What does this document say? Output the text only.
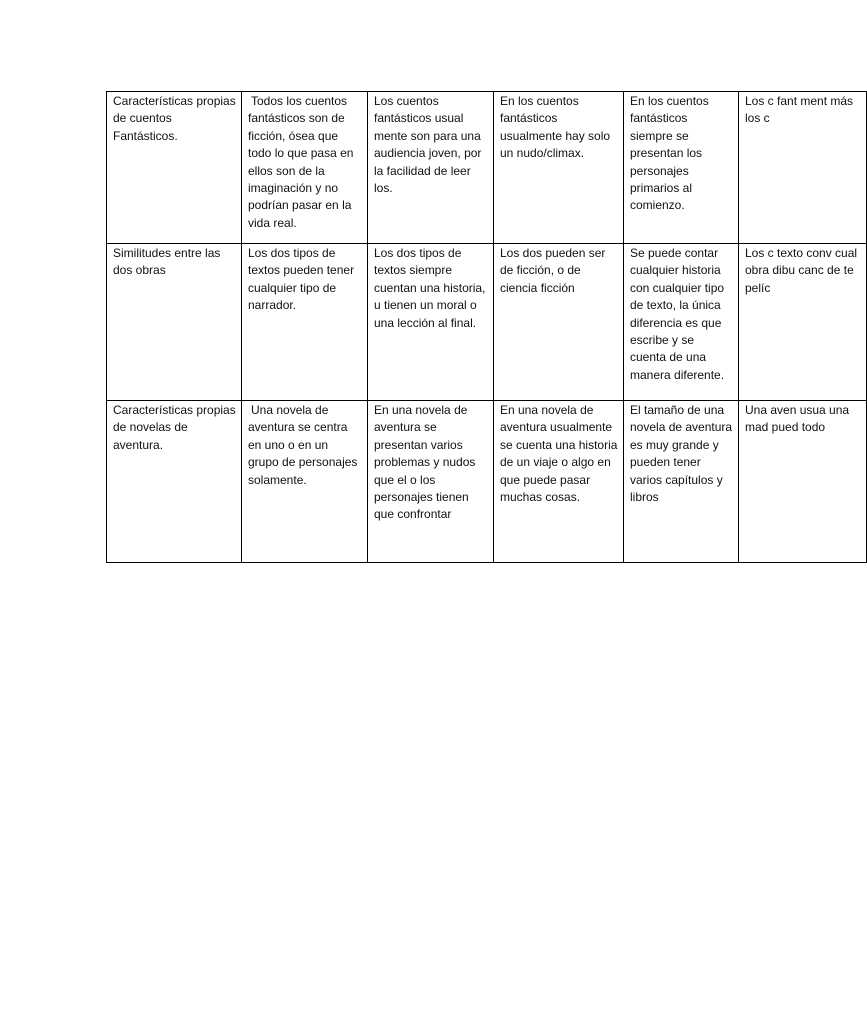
Características propias de cuentos Fantásticos.	Todos los cuentos fantásticos son de ficción, ósea que todo lo que pasa en ellos son de la imaginación y no podrían pasar en la vida real.	Los cuentos fantásticos usual mente son para una audiencia joven, por la facilidad de leer los.	En los cuentos fantásticos usualmente hay solo un nudo/climax.	En los cuentos fantásticos siempre se presentan los personajes primarios al comienzo.	Los c fant ment más los c
Similitudes entre las dos obras	Los dos tipos de textos pueden tener cualquier tipo de narrador.	Los dos tipos de textos siempre cuentan una historia, u tienen un moral o una lección al final.	Los dos pueden ser de ficción, o de ciencia ficción	Se puede contar cualquier historia con cualquier tipo de texto, la única diferencia es que escribe y se cuenta de una manera diferente.	Los c texto conv cual obra dibu canc de te pelíc
Características propias de novelas de aventura.	Una novela de aventura se centra en uno o en un grupo de personajes solamente.	En una novela de aventura se presentan varios problemas y nudos que el o los personajes tienen que confrontar	En una novela de aventura usualmente se cuenta una historia de un viaje o algo en que puede pasar muchas cosas.	El tamaño de una novela de aventura es muy grande y pueden tener varios capítulos y libros	Una aven usua una mad pued todo
